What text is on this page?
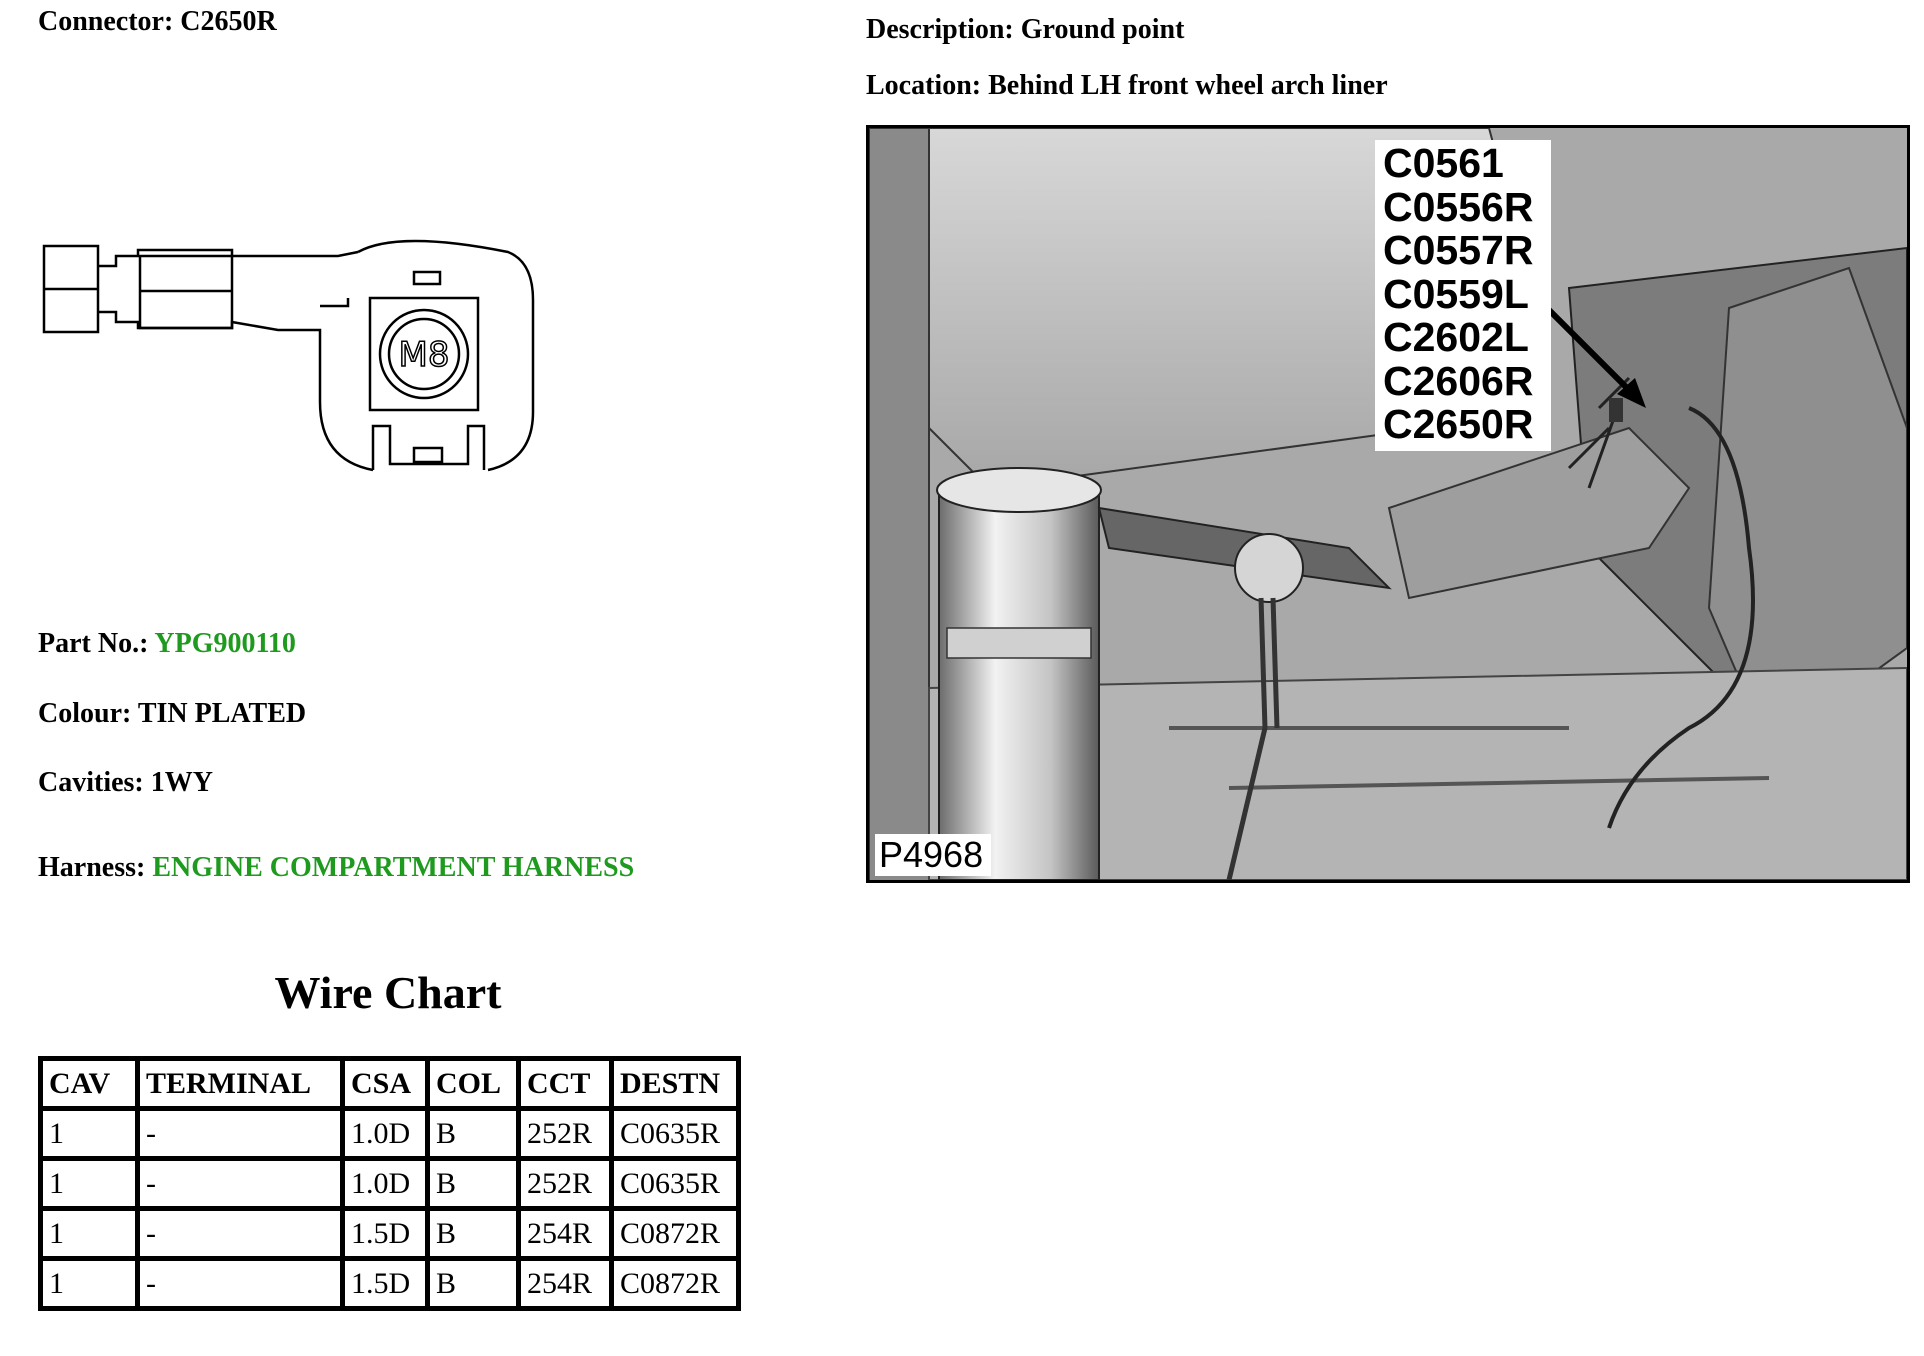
Connector: C2650R	Description: Ground point
Location: Behind LH front wheel arch liner
M8
Part No.: YPG900110
Colour: TIN PLATED
Cavities: 1WY
Harness: ENGINE COMPARTMENT HARNESS
C0561
C0556R
C0557R
C0559L
C2602L
C2606R
C2650R
P4968
Wire Chart
CAV	TERMINAL	CSA	COL	CCT	DESTN
1	-	1.0D	B	252R	C0635R
1	-	1.0D	B	252R	C0635R
1	-	1.5D	B	254R	C0872R
1	-	1.5D	B	254R	C0872R
